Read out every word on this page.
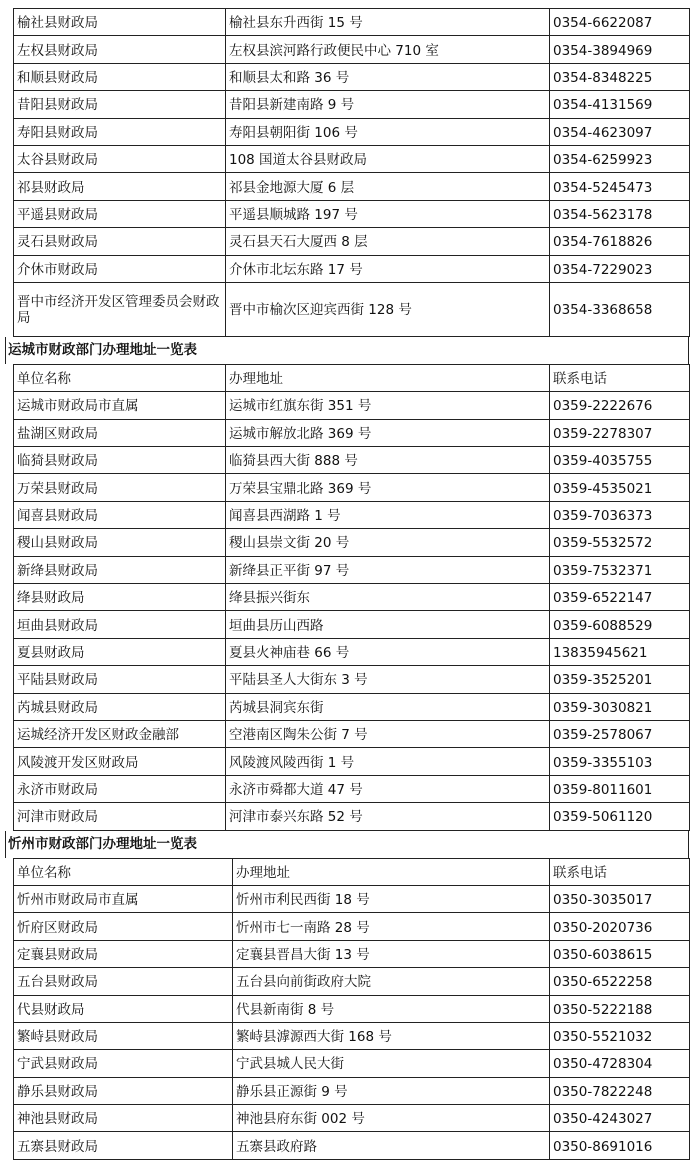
榆社县财政局	榆社县东升西街 15 号	0354-6622087
左权县财政局	左权县滨河路行政便民中心 710 室	0354-3894969
和顺县财政局	和顺县太和路 36 号	0354-8348225
昔阳县财政局	昔阳县新建南路 9 号	0354-4131569
寿阳县财政局	寿阳县朝阳街 106 号	0354-4623097
太谷县财政局	108 国道太谷县财政局	0354-6259923
祁县财政局	祁县金地源大厦 6 层	0354-5245473
平遥县财政局	平遥县顺城路 197 号	0354-5623178
灵石县财政局	灵石县天石大厦西 8 层	0354-7618826
介休市财政局	介休市北坛东路 17 号	0354-7229023
晋中市经济开发区管理委员会财政局	晋中市榆次区迎宾西街 128 号	0354-3368658
运城市财政部门办理地址一览表
单位名称	办理地址	联系电话
运城市财政局市直属	运城市红旗东街 351 号	0359-2222676
盐湖区财政局	运城市解放北路 369 号	0359-2278307
临猗县财政局	临猗县西大街 888 号	0359-4035755
万荣县财政局	万荣县宝鼎北路 369 号	0359-4535021
闻喜县财政局	闻喜县西湖路 1 号	0359-7036373
稷山县财政局	稷山县崇文街 20 号	0359-5532572
新绛县财政局	新绛县正平街 97 号	0359-7532371
绛县财政局	绛县振兴街东	0359-6522147
垣曲县财政局	垣曲县历山西路	0359-6088529
夏县财政局	夏县火神庙巷 66 号	13835945621
平陆县财政局	平陆县圣人大街东 3 号	0359-3525201
芮城县财政局	芮城县洞宾东街	0359-3030821
运城经济开发区财政金融部	空港南区陶朱公街 7 号	0359-2578067
风陵渡开发区财政局	风陵渡风陵西街 1 号	0359-3355103
永济市财政局	永济市舜都大道 47 号	0359-8011601
河津市财政局	河津市泰兴东路 52 号	0359-5061120
忻州市财政部门办理地址一览表
单位名称	办理地址	联系电话
忻州市财政局市直属	忻州市利民西街 18 号	0350-3035017
忻府区财政局	忻州市七一南路 28 号	0350-2020736
定襄县财政局	定襄县晋昌大街 13 号	0350-6038615
五台县财政局	五台县向前街政府大院	0350-6522258
代县财政局	代县新南街 8 号	0350-5222188
繁峙县财政局	繁峙县滹源西大街 168 号	0350-5521032
宁武县财政局	宁武县城人民大街	0350-4728304
静乐县财政局	静乐县正源街 9 号	0350-7822248
神池县财政局	神池县府东街 002 号	0350-4243027
五寨县财政局	五寨县政府路	0350-8691016
